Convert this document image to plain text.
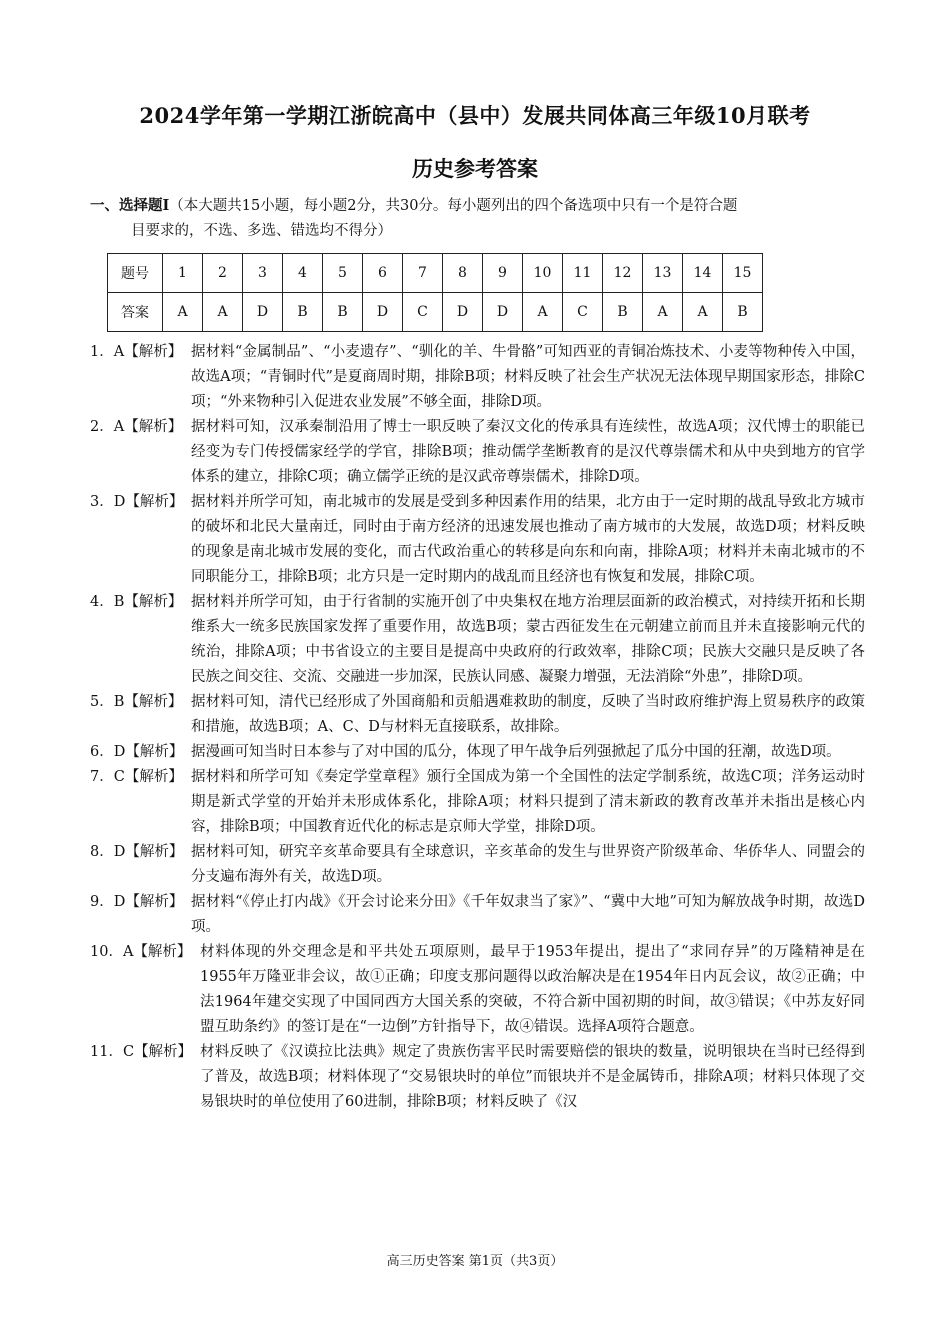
2024学年第一学期江浙皖高中（县中）发展共同体高三年级10月联考
历史参考答案
一、选择题Ⅰ（本大题共15小题，每小题2分，共30分。每小题列出的四个备选项中只有一个是符合题
目要求的，不选、多选、错选均不得分）
题号	1	2	3	4	5	6	7	8	9	10	11	12	13	14	15
答案	A	A	D	B	B	D	C	D	D	A	C	B	A	A	B
1．A【解析】 据材料“金属制品”、“小麦遗存”、“驯化的羊、牛骨骼”可知西亚的青铜冶炼技术、小麦等物种传入中国，故选A项；“青铜时代”是夏商周时期，排除B项；材料反映了社会生产状况无法体现早期国家形态，排除C项；“外来物种引入促进农业发展”不够全面，排除D项。
2．A【解析】 据材料可知，汉承秦制沿用了博士一职反映了秦汉文化的传承具有连续性，故选A项；汉代博士的职能已经变为专门传授儒家经学的学官，排除B项；推动儒学垄断教育的是汉代尊崇儒术和从中央到地方的官学体系的建立，排除C项；确立儒学正统的是汉武帝尊崇儒术，排除D项。
3．D【解析】 据材料并所学可知，南北城市的发展是受到多种因素作用的结果，北方由于一定时期的战乱导致北方城市的破坏和北民大量南迁，同时由于南方经济的迅速发展也推动了南方城市的大发展，故选D项；材料反映的现象是南北城市发展的变化，而古代政治重心的转移是向东和向南，排除A项；材料并未南北城市的不同职能分工，排除B项；北方只是一定时期内的战乱而且经济也有恢复和发展，排除C项。
4．B【解析】 据材料并所学可知，由于行省制的实施开创了中央集权在地方治理层面新的政治模式，对持续开拓和长期维系大一统多民族国家发挥了重要作用，故选B项；蒙古西征发生在元朝建立前而且并未直接影响元代的统治，排除A项；中书省设立的主要目是提高中央政府的行政效率，排除C项；民族大交融只是反映了各民族之间交往、交流、交融进一步加深，民族认同感、凝聚力增强，无法消除“外患”，排除D项。
5．B【解析】 据材料可知，清代已经形成了外国商船和贡船遇难救助的制度，反映了当时政府维护海上贸易秩序的政策和措施，故选B项；A、C、D与材料无直接联系，故排除。
6．D【解析】 据漫画可知当时日本参与了对中国的瓜分，体现了甲午战争后列强掀起了瓜分中国的狂潮，故选D项。
7．C【解析】 据材料和所学可知《奏定学堂章程》颁行全国成为第一个全国性的法定学制系统，故选C项；洋务运动时期是新式学堂的开始并未形成体系化，排除A项；材料只提到了清末新政的教育改革并未指出是核心内容，排除B项；中国教育近代化的标志是京师大学堂，排除D项。
8．D【解析】 据材料可知，研究辛亥革命要具有全球意识，辛亥革命的发生与世界资产阶级革命、华侨华人、同盟会的分支遍布海外有关，故选D项。
9．D【解析】 据材料“《停止打内战》《开会讨论来分田》《千年奴隶当了家》”、“冀中大地”可知为解放战争时期，故选D项。
10．A【解析】 材料体现的外交理念是和平共处五项原则，最早于1953年提出，提出了“求同存异”的万隆精神是在1955年万隆亚非会议，故①正确；印度支那问题得以政治解决是在1954年日内瓦会议，故②正确；中法1964年建交实现了中国同西方大国关系的突破，不符合新中国初期的时间，故③错误；《中苏友好同盟互助条约》的签订是在“一边倒”方针指导下，故④错误。选择A项符合题意。
11．C【解析】 材料反映了《汉谟拉比法典》规定了贵族伤害平民时需要赔偿的银块的数量，说明银块在当时已经得到了普及，故选B项；材料体现了“交易银块时的单位”而银块并不是金属铸币，排除A项；材料只体现了交易银块时的单位使用了60进制，排除B项；材料反映了《汉
高三历史答案 第1页（共3页）
